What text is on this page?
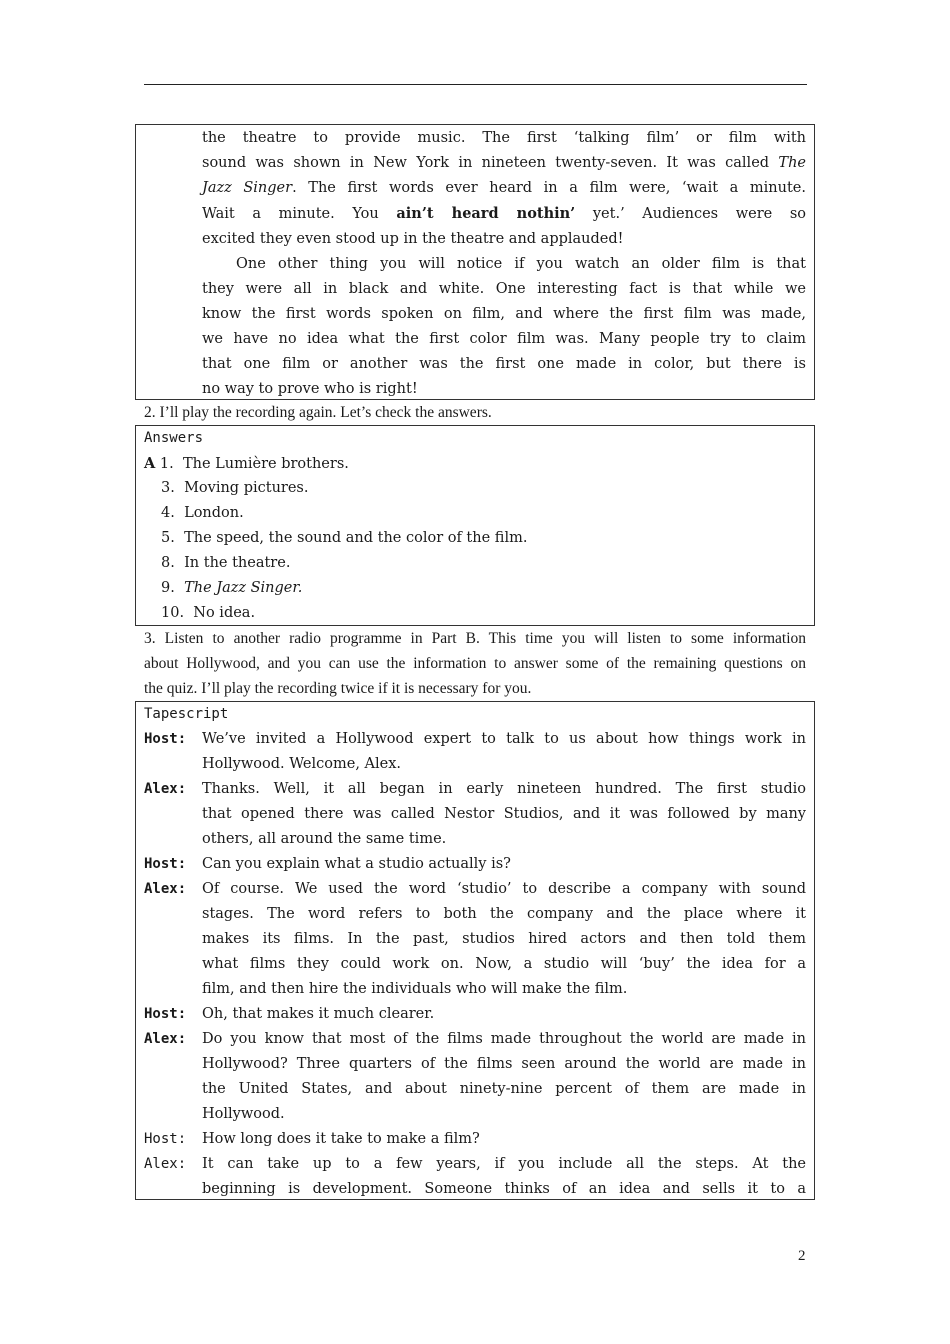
the theatre to provide music. The first ‘talking film’ or film with
sound was shown in New York in nineteen twenty-seven. It was called The
Jazz Singer. The first words ever heard in a film were, ‘wait a minute.
Wait a minute. You ain’t heard nothin’ yet.’ Audiences were so
excited they even stood up in the theatre and applauded!
One other thing you will notice if you watch an older film is that
they were all in black and white. One interesting fact is that while we
know the first words spoken on film, and where the first film was made,
we have no idea what the first color film was. Many people try to claim
that one film or another was the first one made in color, but there is
no way to prove who is right!
2. I’ll play the recording again. Let’s check the answers.
Answers
A 1. The Lumière brothers.
3. Moving pictures.
4. London.
5. The speed, the sound and the color of the film.
8. In the theatre.
9. The Jazz Singer.
10. No idea.
3. Listen to another radio programme in Part B. This time you will listen to some information
about Hollywood, and you can use the information to answer some of the remaining questions on
the quiz. I’ll play the recording twice if it is necessary for you.
Tapescript
Host: We’ve invited a Hollywood expert to talk to us about how things work in
Hollywood. Welcome, Alex.
Alex: Thanks. Well, it all began in early nineteen hundred. The first studio
that opened there was called Nestor Studios, and it was followed by many
others, all around the same time.
Host: Can you explain what a studio actually is?
Alex: Of course. We used the word ‘studio’ to describe a company with sound
stages. The word refers to both the company and the place where it
makes its films. In the past, studios hired actors and then told them
what films they could work on. Now, a studio will ‘buy’ the idea for a
film, and then hire the individuals who will make the film.
Host: Oh, that makes it much clearer.
Alex: Do you know that most of the films made throughout the world are made in
Hollywood? Three quarters of the films seen around the world are made in
the United States, and about ninety-nine percent of them are made in
Hollywood.
Host: How long does it take to make a film?
Alex: It can take up to a few years, if you include all the steps. At the
beginning is development. Someone thinks of an idea and sells it to a
2
